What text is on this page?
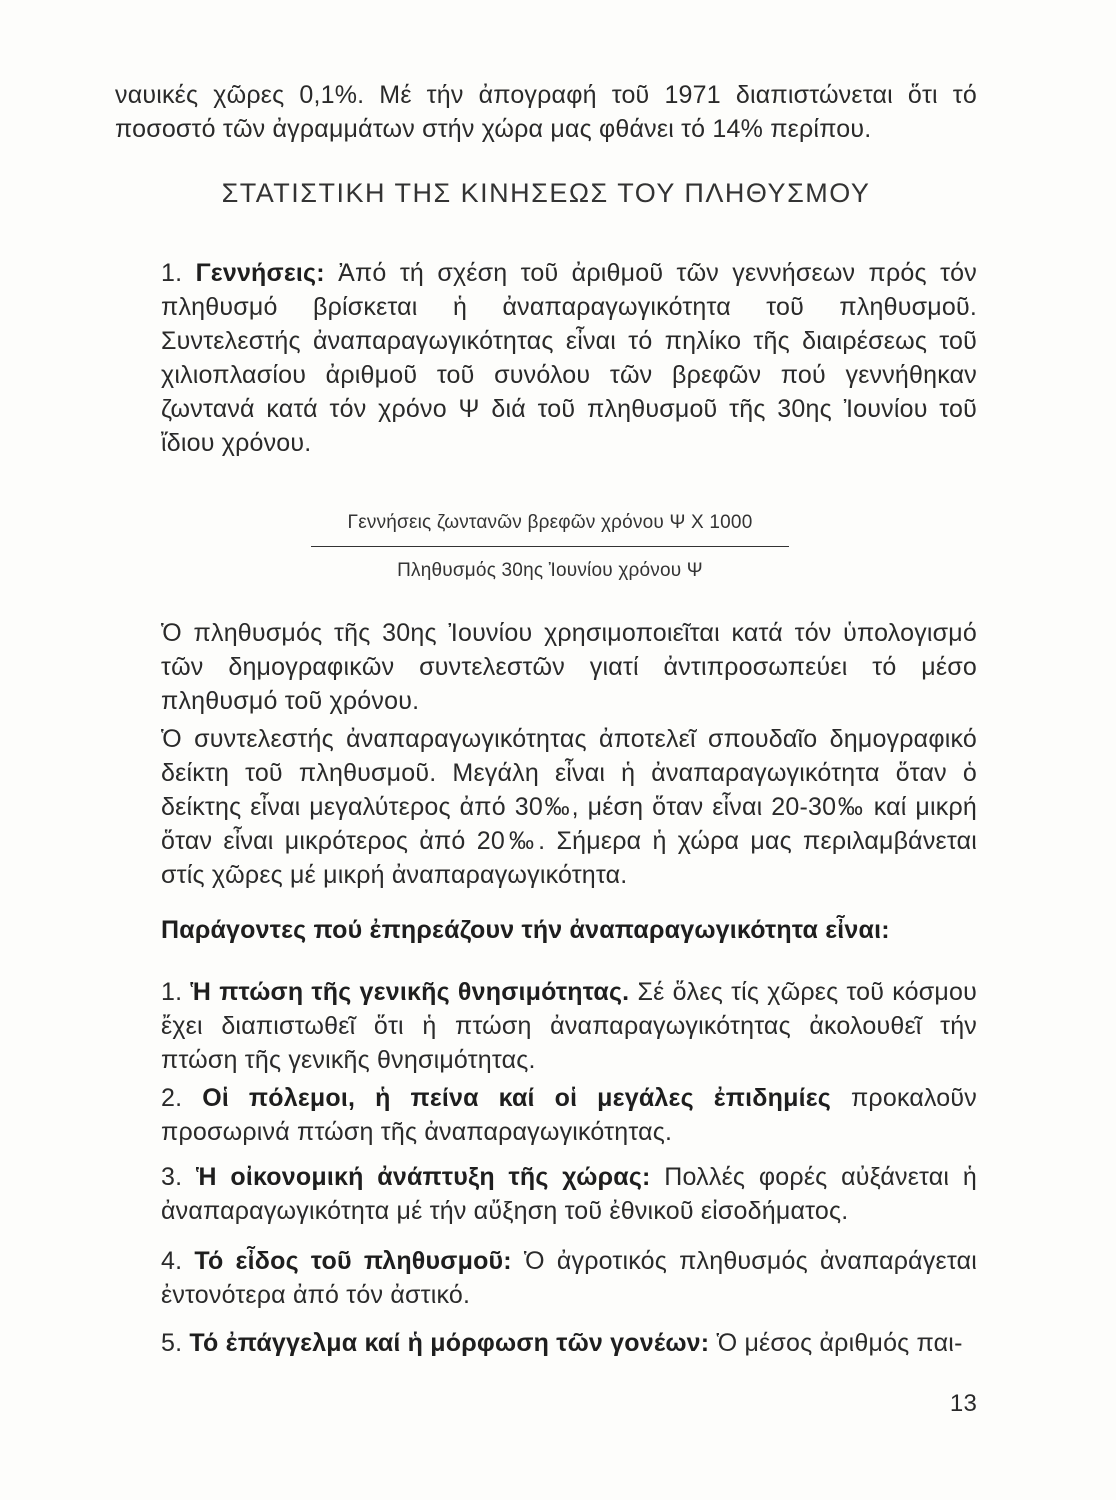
ναυικές χῶρες 0,1%. Μέ τήν ἀπογραφή τοῦ 1971 διαπιστώνεται ὅτι τό ποσοστό τῶν ἀγραμμάτων στήν χώρα μας φθάνει τό 14% περίπου.
ΣΤΑΤΙΣΤΙΚΗ ΤΗΣ ΚΙΝΗΣΕΩΣ ΤΟΥ ΠΛΗΘΥΣΜΟΥ
1. Γεννήσεις: Ἀπό τή σχέση τοῦ ἀριθμοῦ τῶν γεννήσεων πρός τόν πληθυσμό βρίσκεται ἡ ἀναπαραγωγικότητα τοῦ πληθυσμοῦ. Συντελεστής ἀναπαραγωγικότητας εἶναι τό πηλίκο τῆς διαιρέσεως τοῦ χιλιοπλασίου ἀριθμοῦ τοῦ συνόλου τῶν βρεφῶν πού γεννήθηκαν ζωντανά κατά τόν χρόνο Ψ διά τοῦ πληθυσμοῦ τῆς 30ης Ἰουνίου τοῦ ἴδιου χρόνου.
Γεννήσεις ζωντανῶν βρεφῶν χρόνου Ψ Χ 1000
Πληθυσμός 30ης Ἰουνίου χρόνου Ψ
Ὁ πληθυσμός τῆς 30ης Ἰουνίου χρησιμοποιεῖται κατά τόν ὑπολογισμό τῶν δημογραφικῶν συντελεστῶν γιατί ἀντιπροσωπεύει τό μέσο πληθυσμό τοῦ χρόνου.
Ὁ συντελεστής ἀναπαραγωγικότητας ἀποτελεῖ σπουδαῖο δημογραφικό δείκτη τοῦ πληθυσμοῦ. Μεγάλη εἶναι ἡ ἀναπαραγωγικότητα ὅταν ὁ δείκτης εἶναι μεγαλύτερος ἀπό 30‰, μέση ὅταν εἶναι 20-30‰ καί μικρή ὅταν εἶναι μικρότερος ἀπό 20‰. Σήμερα ἡ χώρα μας περιλαμβάνεται στίς χῶρες μέ μικρή ἀναπαραγωγικότητα.
Παράγοντες πού ἐπηρεάζουν τήν ἀναπαραγωγικότητα εἶναι:
1. Ἡ πτώση τῆς γενικῆς θνησιμότητας. Σέ ὅλες τίς χῶρες τοῦ κόσμου ἔχει διαπιστωθεῖ ὅτι ἡ πτώση ἀναπαραγωγικότητας ἀκολουθεῖ τήν πτώση τῆς γενικῆς θνησιμότητας.
2. Οἱ πόλεμοι, ἡ πείνα καί οἱ μεγάλες ἐπιδημίες προκαλοῦν προσωρινά πτώση τῆς ἀναπαραγωγικότητας.
3. Ἡ οἰκονομική ἀνάπτυξη τῆς χώρας: Πολλές φορές αὐξάνεται ἡ ἀναπαραγωγικότητα μέ τήν αὔξηση τοῦ ἐθνικοῦ εἰσοδήματος.
4. Τό εἶδος τοῦ πληθυσμοῦ: Ὁ ἀγροτικός πληθυσμός ἀναπαράγεται ἐντονότερα ἀπό τόν ἀστικό.
5. Τό ἐπάγγελμα καί ἡ μόρφωση τῶν γονέων: Ὁ μέσος ἀριθμός παι-
13
